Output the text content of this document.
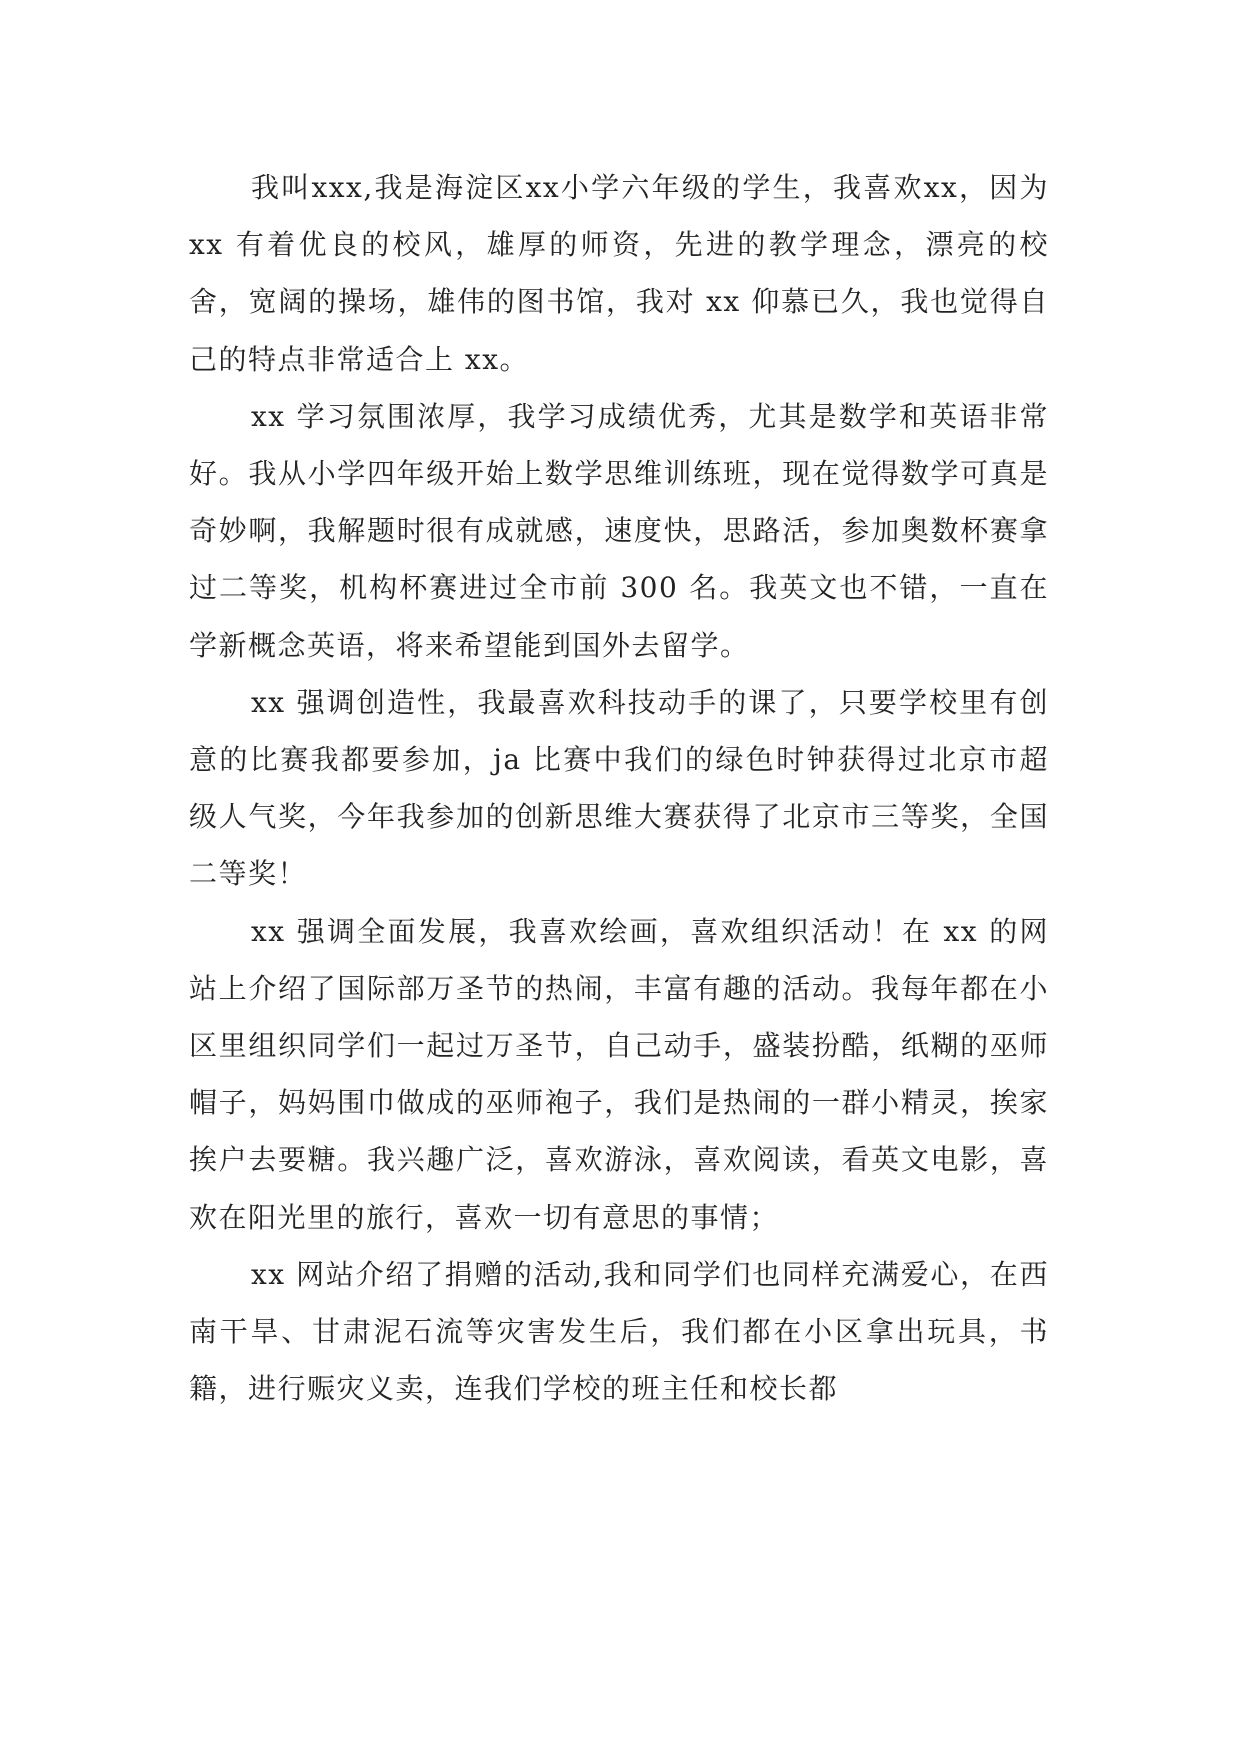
我叫xxx,我是海淀区xx小学六年级的学生，我喜欢xx，因为 xx 有着优良的校风，雄厚的师资，先进的教学理念，漂亮的校舍，宽阔的操场，雄伟的图书馆，我对 xx 仰慕已久，我也觉得自己的特点非常适合上 xx。

xx 学习氛围浓厚，我学习成绩优秀，尤其是数学和英语非常好。我从小学四年级开始上数学思维训练班，现在觉得数学可真是奇妙啊，我解题时很有成就感，速度快，思路活，参加奥数杯赛拿过二等奖，机构杯赛进过全市前 300 名。我英文也不错，一直在学新概念英语，将来希望能到国外去留学。

xx 强调创造性，我最喜欢科技动手的课了，只要学校里有创意的比赛我都要参加，ja 比赛中我们的绿色时钟获得过北京市超级人气奖，今年我参加的创新思维大赛获得了北京市三等奖，全国二等奖！

xx 强调全面发展，我喜欢绘画，喜欢组织活动！在 xx 的网站上介绍了国际部万圣节的热闹，丰富有趣的活动。我每年都在小区里组织同学们一起过万圣节，自己动手，盛装扮酷，纸糊的巫师帽子，妈妈围巾做成的巫师袍子，我们是热闹的一群小精灵，挨家挨户去要糖。我兴趣广泛，喜欢游泳，喜欢阅读，看英文电影，喜欢在阳光里的旅行，喜欢一切有意思的事情；

xx 网站介绍了捐赠的活动,我和同学们也同样充满爱心，在西南干旱、甘肃泥石流等灾害发生后，我们都在小区拿出玩具，书籍，进行赈灾义卖，连我们学校的班主任和校长都
